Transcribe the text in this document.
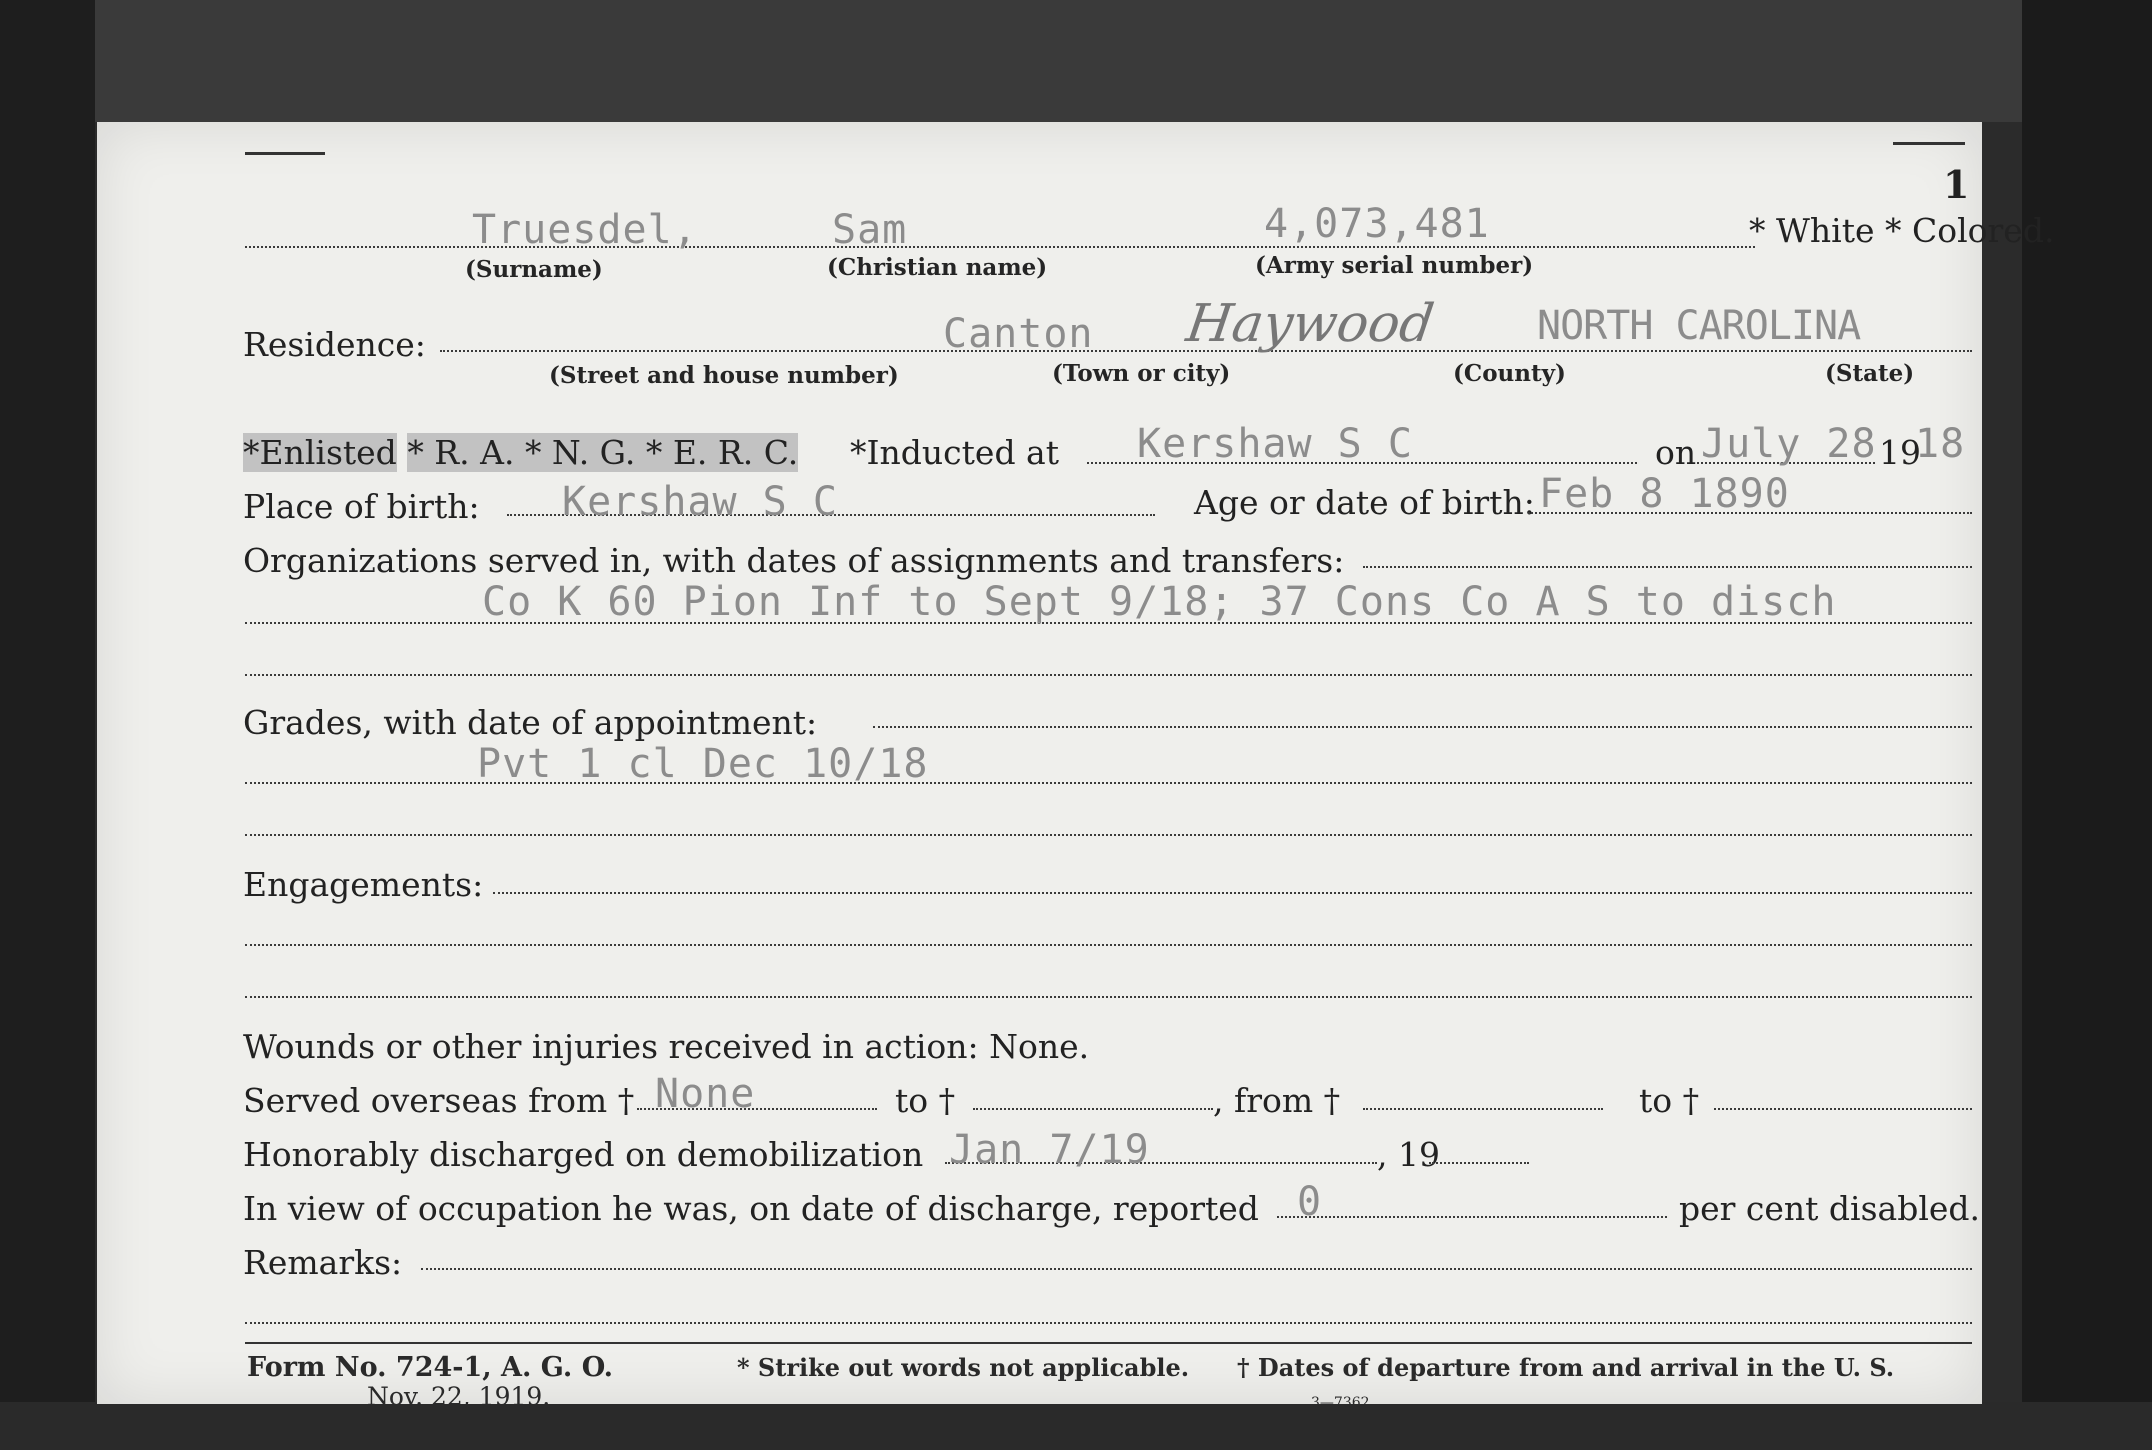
1
Truesdel,	Sam	4,073,481	* White * Colored.
(Surname)	(Christian name)	(Army serial number)
Residence:	Canton Haywood NORTH CAROLINA
(Street and house number)	(Town or city)	(County)	(State)
*Enlisted * R. A. * N. G. * E. R. C. *Inducted at Kershaw S C	on July 28 19
18
Place of birth: Kershaw S C	Age or date of birth: Feb 8 1890
Organizations served in, with dates of assignments and transfers:
Co K 60 Pion Inf to Sept 9/18; 37 Cons Co A S to disch
Grades, with date of appointment:
Pvt 1 cl Dec 10/18
Engagements:
Wounds or other injuries received in action: None.
Served overseas from † None	to †	, from †	to †
Honorably discharged on demobilization Jan 7/19	, 19
In view of occupation he was, on date of discharge, reported 0	per cent disabled.
Remarks:
Form No. 724-1, A. G. O.
Nov. 22, 1919.
* Strike out words not applicable. † Dates of departure from and arrival in the U. S.
3—7362
